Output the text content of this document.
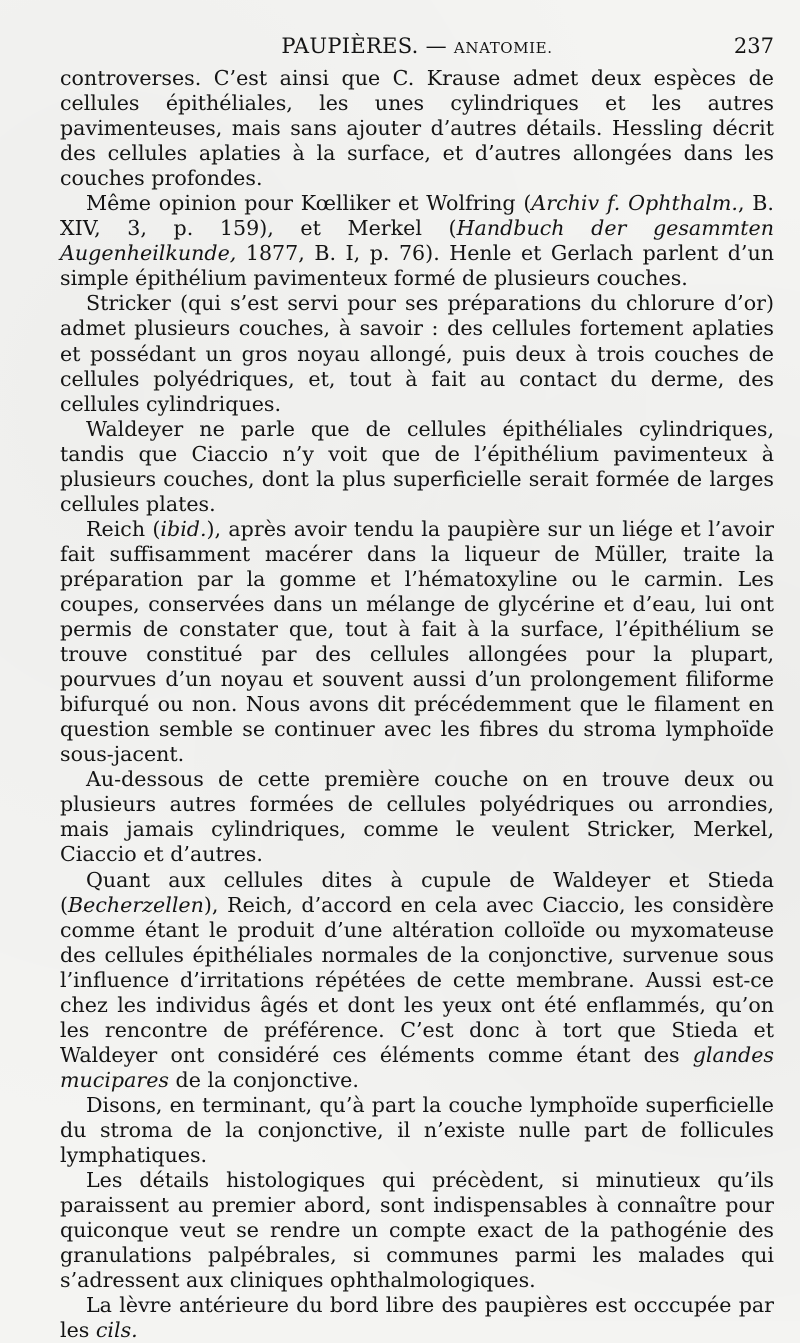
PAUPIÈRES. — ANATOMIE.	237

controverses. C’est ainsi que C. Krause admet deux espèces de cellules épithéliales, les unes cylindriques et les autres pavimenteuses, mais sans ajouter d’autres détails. Hessling décrit des cellules aplaties à la surface, et d’autres allongées dans les couches profondes.

Même opinion pour Kœlliker et Wolfring (Archiv f. Ophthalm., B. XIV, 3, p. 159), et Merkel (Handbuch der gesammten Augenheilkunde, 1877, B. I, p. 76). Henle et Gerlach parlent d’un simple épithélium pavimenteux formé de plusieurs couches.

Stricker (qui s’est servi pour ses préparations du chlorure d’or) admet plusieurs couches, à savoir : des cellules fortement aplaties et possédant un gros noyau allongé, puis deux à trois couches de cellules polyédriques, et, tout à fait au contact du derme, des cellules cylindriques.

Waldeyer ne parle que de cellules épithéliales cylindriques, tandis que Ciaccio n’y voit que de l’épithélium pavimenteux à plusieurs couches, dont la plus superficielle serait formée de larges cellules plates.

Reich (ibid.), après avoir tendu la paupière sur un liége et l’avoir fait suffisamment macérer dans la liqueur de Müller, traite la préparation par la gomme et l’hématoxyline ou le carmin. Les coupes, conservées dans un mélange de glycérine et d’eau, lui ont permis de constater que, tout à fait à la surface, l’épithélium se trouve constitué par des cellules allongées pour la plupart, pourvues d’un noyau et souvent aussi d’un prolongement filiforme bifurqué ou non. Nous avons dit précédemment que le filament en question semble se continuer avec les fibres du stroma lymphoïde sous-jacent.

Au-dessous de cette première couche on en trouve deux ou plusieurs autres formées de cellules polyédriques ou arrondies, mais jamais cylindriques, comme le veulent Stricker, Merkel, Ciaccio et d’autres.

Quant aux cellules dites à cupule de Waldeyer et Stieda (Becherzellen), Reich, d’accord en cela avec Ciaccio, les considère comme étant le produit d’une altération colloïde ou myxomateuse des cellules épithéliales normales de la conjonctive, survenue sous l’influence d’irritations répétées de cette membrane. Aussi est-ce chez les individus âgés et dont les yeux ont été enflammés, qu’on les rencontre de préférence. C’est donc à tort que Stieda et Waldeyer ont considéré ces éléments comme étant des glandes mucipares de la conjonctive.

Disons, en terminant, qu’à part la couche lymphoïde superficielle du stroma de la conjonctive, il n’existe nulle part de follicules lymphatiques.

Les détails histologiques qui précèdent, si minutieux qu’ils paraissent au premier abord, sont indispensables à connaître pour quiconque veut se rendre un compte exact de la pathogénie des granulations palpébrales, si communes parmi les malades qui s’adressent aux cliniques ophthalmologiques.

La lèvre antérieure du bord libre des paupières est occcupée par les cils.
